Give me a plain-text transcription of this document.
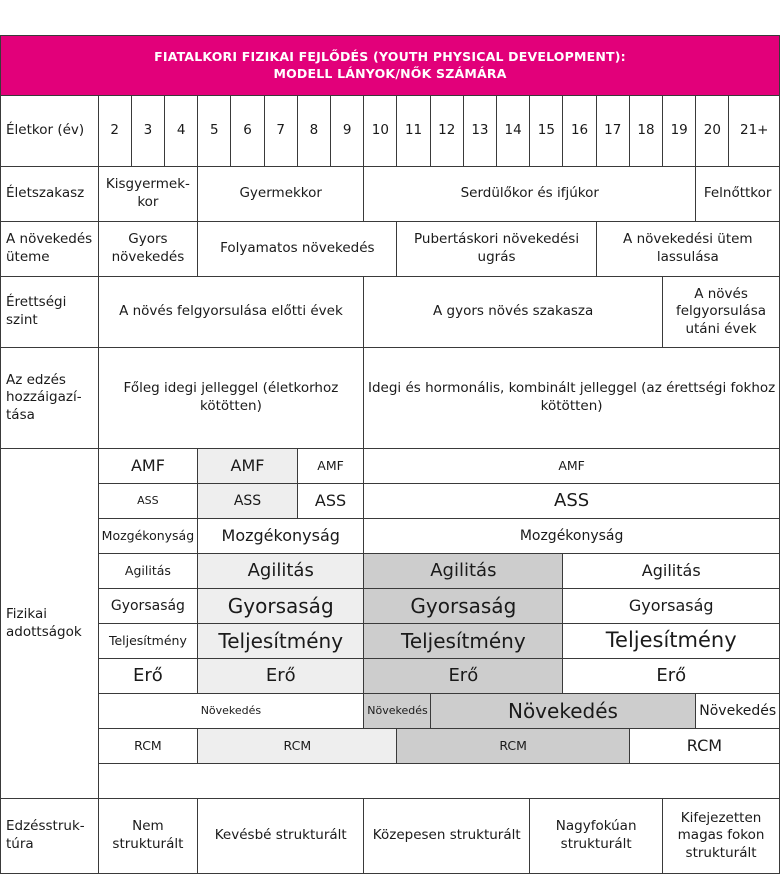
FIATALKORI FIZIKAI FEJLŐDÉS (YOUTH PHYSICAL DEVELOPMENT):
MODELL LÁNYOK/NŐK SZÁMÁRA																				

Életkor (év)	2	3	4	5	6	7	8	9	10	11	12	13	14	15	16	17	18	19	20	21+
Életszakasz	Kisgyermek-kor			Gyermekkor					Serdülőkor és ifjúkor										Felnőttkor	
A növekedés üteme	Gyors növekedés			Folyamatos növekedés						Pubertáskori növekedési ugrás						A növekedési ütem lassulása				
Érettségi szint	A növés felgyorsulása előtti évek								A gyors növés szakasza									A növés felgyorsulása utáni évek		
Az edzés hozzáigazí-tása	Főleg idegi jelleggel (életkorhoz kötötten)								Idegi és hormonális, kombinált jelleggel (az érettségi fokhoz kötötten)											
Fizikai adottságok	AMF			AMF			AMF		AMF											
	ASS			ASS			ASS		ASS											
	Mozgékonyság			Mozgékonyság					Mozgékonyság											
	Agilitás			Agilitás					Agilitás						Agilitás					
	Gyorsaság			Gyorsaság					Gyorsaság						Gyorsaság					
	Teljesítmény			Teljesítmény					Teljesítmény						Teljesítmény					
	Erő			Erő					Erő						Erő					
	Növekedés								Növekedés		Növekedés								Növekedés	
	RCM			RCM						RCM							RCM			

Edzésstruk-túra	Nem strukturált			Kevésbé strukturált					Közepesen strukturált					Nagyfokúan strukturált				Kifejezetten magas fokon strukturált		
